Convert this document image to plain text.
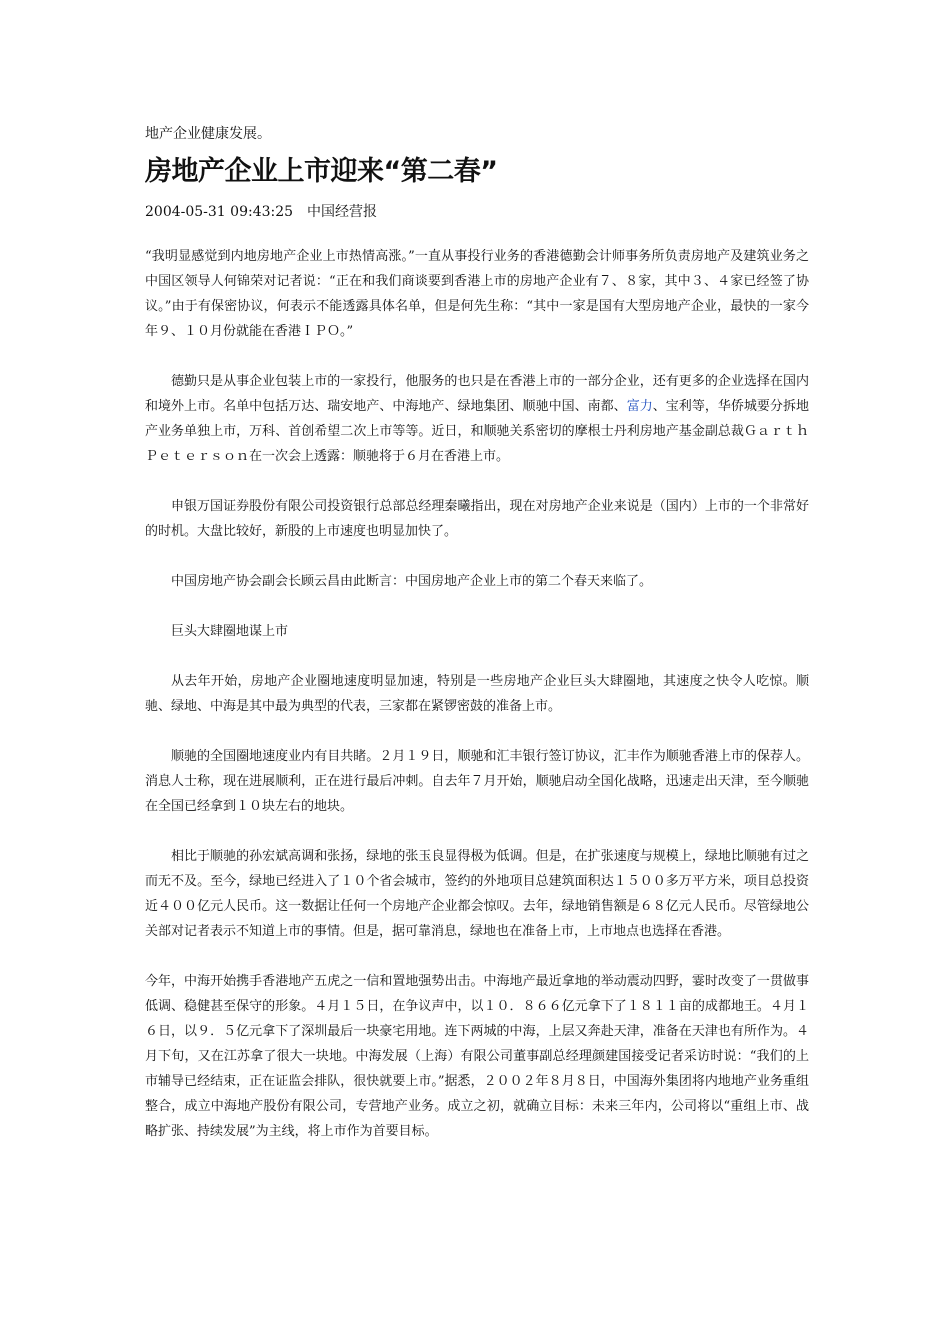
地产企业健康发展。
房地产企业上市迎来“第二春”
2004-05-31 09:43:25 中国经营报

“我明显感觉到内地房地产企业上市热情高涨。”一直从事投行业务的香港德勤会计师事务所负责房地产及建筑业务之中国区领导人何锦荣对记者说：“正在和我们商谈要到香港上市的房地产企业有７、８家，其中３、４家已经签了协议。”由于有保密协议，何表示不能透露具体名单，但是何先生称：“其中一家是国有大型房地产企业，最快的一家今年９、１０月份就能在香港ＩＰＯ。”

德勤只是从事企业包装上市的一家投行，他服务的也只是在香港上市的一部分企业，还有更多的企业选择在国内和境外上市。名单中包括万达、瑞安地产、中海地产、绿地集团、顺驰中国、南都、富力、宝利等，华侨城要分拆地产业务单独上市，万科、首创希望二次上市等等。近日，和顺驰关系密切的摩根士丹利房地产基金副总裁Ｇａｒｔｈ Ｐｅｔｅｒｓｏｎ在一次会上透露：顺驰将于６月在香港上市。

申银万国证券股份有限公司投资银行总部总经理秦曦指出，现在对房地产企业来说是（国内）上市的一个非常好的时机。大盘比较好，新股的上市速度也明显加快了。

中国房地产协会副会长顾云昌由此断言：中国房地产企业上市的第二个春天来临了。

巨头大肆圈地谋上市

从去年开始，房地产企业圈地速度明显加速，特别是一些房地产企业巨头大肆圈地，其速度之快令人吃惊。顺驰、绿地、中海是其中最为典型的代表，三家都在紧锣密鼓的准备上市。

顺驰的全国圈地速度业内有目共睹。２月１９日，顺驰和汇丰银行签订协议，汇丰作为顺驰香港上市的保荐人。消息人士称，现在进展顺利，正在进行最后冲刺。自去年７月开始，顺驰启动全国化战略，迅速走出天津，至今顺驰在全国已经拿到１０块左右的地块。

相比于顺驰的孙宏斌高调和张扬，绿地的张玉良显得极为低调。但是，在扩张速度与规模上，绿地比顺驰有过之而无不及。至今，绿地已经进入了１０个省会城市，签约的外地项目总建筑面积达１５００多万平方米，项目总投资近４００亿元人民币。这一数据让任何一个房地产企业都会惊叹。去年，绿地销售额是６８亿元人民币。尽管绿地公关部对记者表示不知道上市的事情。但是，据可靠消息，绿地也在准备上市，上市地点也选择在香港。

今年，中海开始携手香港地产五虎之一信和置地强势出击。中海地产最近拿地的举动震动四野，霎时改变了一贯做事低调、稳健甚至保守的形象。４月１５日，在争议声中，以１０．８６６亿元拿下了１８１１亩的成都地王。４月１６日，以９．５亿元拿下了深圳最后一块豪宅用地。连下两城的中海，上层又奔赴天津，准备在天津也有所作为。４月下旬，又在江苏拿了很大一块地。中海发展（上海）有限公司董事副总经理颜建国接受记者采访时说：“我们的上市辅导已经结束，正在证监会排队，很快就要上市。”据悉，２００２年８月８日，中国海外集团将内地地产业务重组整合，成立中海地产股份有限公司，专营地产业务。成立之初，就确立目标：未来三年内，公司将以“重组上市、战略扩张、持续发展”为主线，将上市作为首要目标。
